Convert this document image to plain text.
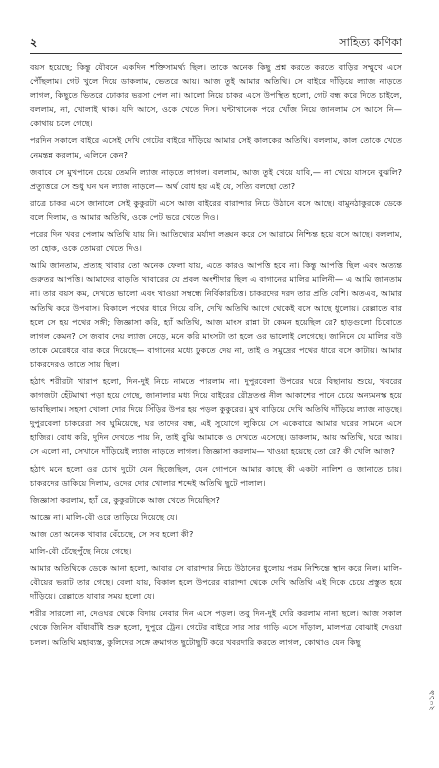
২	সাহিত্য কণিকা

বয়স হয়েছে; কিন্তু যৌবনে একদিন শক্তিসামর্থ্য ছিল। তাকে অনেক কিছু প্রশ্ন করতে করতে বাড়ির সম্মুখে এসে পৌঁছলাম। গেট খুলে দিয়ে ডাকলাম, ভেতরে আয়। আজ তুই আমার অতিথি। সে বাইরে দাঁড়িয়ে ল্যাজ নাড়তে লাগল, কিছুতে ভিতরে ঢোকার ভরসা পেল না। আলো নিয়ে চাকর এসে উপস্থিত হলো, গেট বন্ধ করে দিতে চাইলে, বললাম, না, খোলাই থাক। যদি আসে, ওকে খেতে দিস। ঘন্টাখানেক পরে খোঁজ নিয়ে জানলাম সে আসে নি— কোথায় চলে গেছে।

পরদিন সকালে বাইরে এসেই দেখি গেটের বাইরে দাঁড়িয়ে আমার সেই কালকের অতিথি। বললাম, কাল তোকে খেতে নেমন্তন্ন করলাম, এলিনে কেন?

জবাবে সে মুখপানে চেয়ে তেমনি ল্যাজ নাড়তে লাগল। বললাম, আজ তুই খেয়ে যাবি,— না খেয়ে যাসনে বুঝলি? প্রত্যুত্তরে সে শুধু ঘন ঘন ল্যাজ নাড়লে— অর্থ বোধ হয় এই যে, সত্যি বলছো তো?

রাত্রে চাকর এসে জানালে সেই কুকুরটা এসে আজ বাইরের বারান্দার নিচে উঠানে বসে আছে। বামুনঠাকুরকে ডেকে বলে দিলাম, ও আমার অতিথি, ওকে পেট ভরে খেতে দিও।

পরের দিন খবর পেলাম অতিথি যায় নি। আতিথ্যের মর্যাদা লঙ্ঘন করে সে আরামে নিশ্চিন্ত হয়ে বসে আছে। বললাম, তা হোক, ওকে তোমরা খেতে দিও।

আমি জানতাম, প্রত্যহ খাবার তো অনেক ফেলা যায়, এতে কারও আপত্তি হবে না। কিন্তু আপত্তি ছিল এবং অত্যন্ত গুরুতর আপত্তি। আমাদের বাড়তি খাবারের যে প্রবল অংশীদার ছিল এ বাগানের মালির মালিনী— এ আমি জানতাম না। তার বয়স কম, দেখতে ভালো এবং খাওয়া সম্বন্ধে নির্বিকারচিত্ত। চাকরদের দরদ তার প্রতি বেশি। অতএব, আমার অতিথি করে উপবাস। বিকালে পথের ধারে গিয়ে বসি, দেখি অতিথি আগে থেকেই বসে আছে ধুলোয়। রেল্লাতে বার হলে সে হয় পথের সঙ্গী; জিজ্ঞাসা করি, হ্যাঁ অতিথি, আজ মাংস রান্না টা কেমন হয়েছিল রে? হাড়গুলো চিবোতে লাগল কেমন? সে জবাব দেয় ল্যাজ নেড়ে, মনে করি মাংসটা তা হলে ওর ভালোই লেগেছে। জানিনে যে মালির বউ তাকে মেরেধরে বার করে দিয়েছে— বাগানের মধ্যে ঢুকতে দেয় না, তাই ও সমুদ্রের পথের ধারে বসে কাটায়। আমার চাকরদেরও তাতে সায় ছিল।

হঠাৎ শরীরটা খারাপ হলো, দিন-দুই নিচে নামতে পারলাম না। দুপুরবেলা উপরের ঘরে বিছানায় শুয়ে, খবরের কাগজটা হেঁটমাথা পড়া হয়ে গেছে, জানালার মধ্য দিয়ে বাইরের রৌদ্রতপ্ত নীল আকাশের পানে চেয়ে অন্যমনস্ক হয়ে ভাবছিলাম। সহসা খোলা দোর দিয়ে সিঁড়ির উপর হয় পড়ল কুকুরের। মুখ বাড়িয়ে দেখি অতিথি দাঁড়িয়ে ল্যাজ নাড়ছে। দুপুরবেলা চাকরেরা সব ঘুমিয়েছে, ঘর তাদের বন্ধ, এই সুযোগে লুকিয়ে সে একেবারে আমার ঘরের সামনে এসে হাজির। বোধ করি, দুদিন দেখতে পায় নি, তাই বুঝি আমাকে ও দেখতে এসেছে। ডাকলাম, আয় অতিথি, ঘরে আয়। সে এলো না, সেখানে দাঁড়িয়েই ল্যাজ নাড়তে লাগল। জিজ্ঞাসা করলাম— খাওয়া হয়েছে তো রে? কী খেলি আজ?

হঠাৎ মনে হলো ওর চোখ দুটো যেন ছিজেছিল, যেন গোপনে আমার কাছে কী একটা নালিশ ও জানাতে চায়। চাকরদের ডাকিয়ে দিলাম, ওদের দোর খোলার শব্দেই অতিথি ছুটে পালাল।

জিজ্ঞাসা করলাম, হ্যাঁ রে, কুকুরটাকে আজ খেতে দিয়েছিস?

আজ্ঞে না। মালি-বৌ ওরে তাড়িয়ে দিয়েছে যে।

আজ তো অনেক খাবার বেঁচেছে, সে সব হলো কী?

মালি-বৌ চেঁছেপুঁছে নিয়ে গেছে।

আমার অতিথিকে ডেকে আনা হলো, আবার সে বারান্দার নিচে উঠানের ধুলোয় পরম নিশ্চিন্তে স্থান করে নিল। মালি-বৌয়ের ভরাট তার গেছে। বেলা যায়, বিকাল হলে উপরের বারান্দা থেকে দেখি অতিথি এই দিকে চেয়ে প্রস্তুত হয়ে দাঁড়িয়ে। রেল্লাতে যাবার সময় হলো যে।

শরীর সারলো না, দেওঘর থেকে বিদায় নেবার দিন এসে পড়ল। তবু দিন-দুই দেরি করলাম নানা ছলে। আজ সকাল থেকে জিনিস বাঁধাবাঁধি শুরু হলো, দুপুরে ট্রেন। গেটের বাইরে সার সার গাড়ি এসে দাঁড়াল, মালপত্র বোঝাই দেওয়া চলল। অতিথি মহাব্যস্ত, কুলিদের সঙ্গে ক্রমাগত ছুটোছুটি করে খবরদারি করতে লাগল, কোথাও যেন কিছু

২০১৯
